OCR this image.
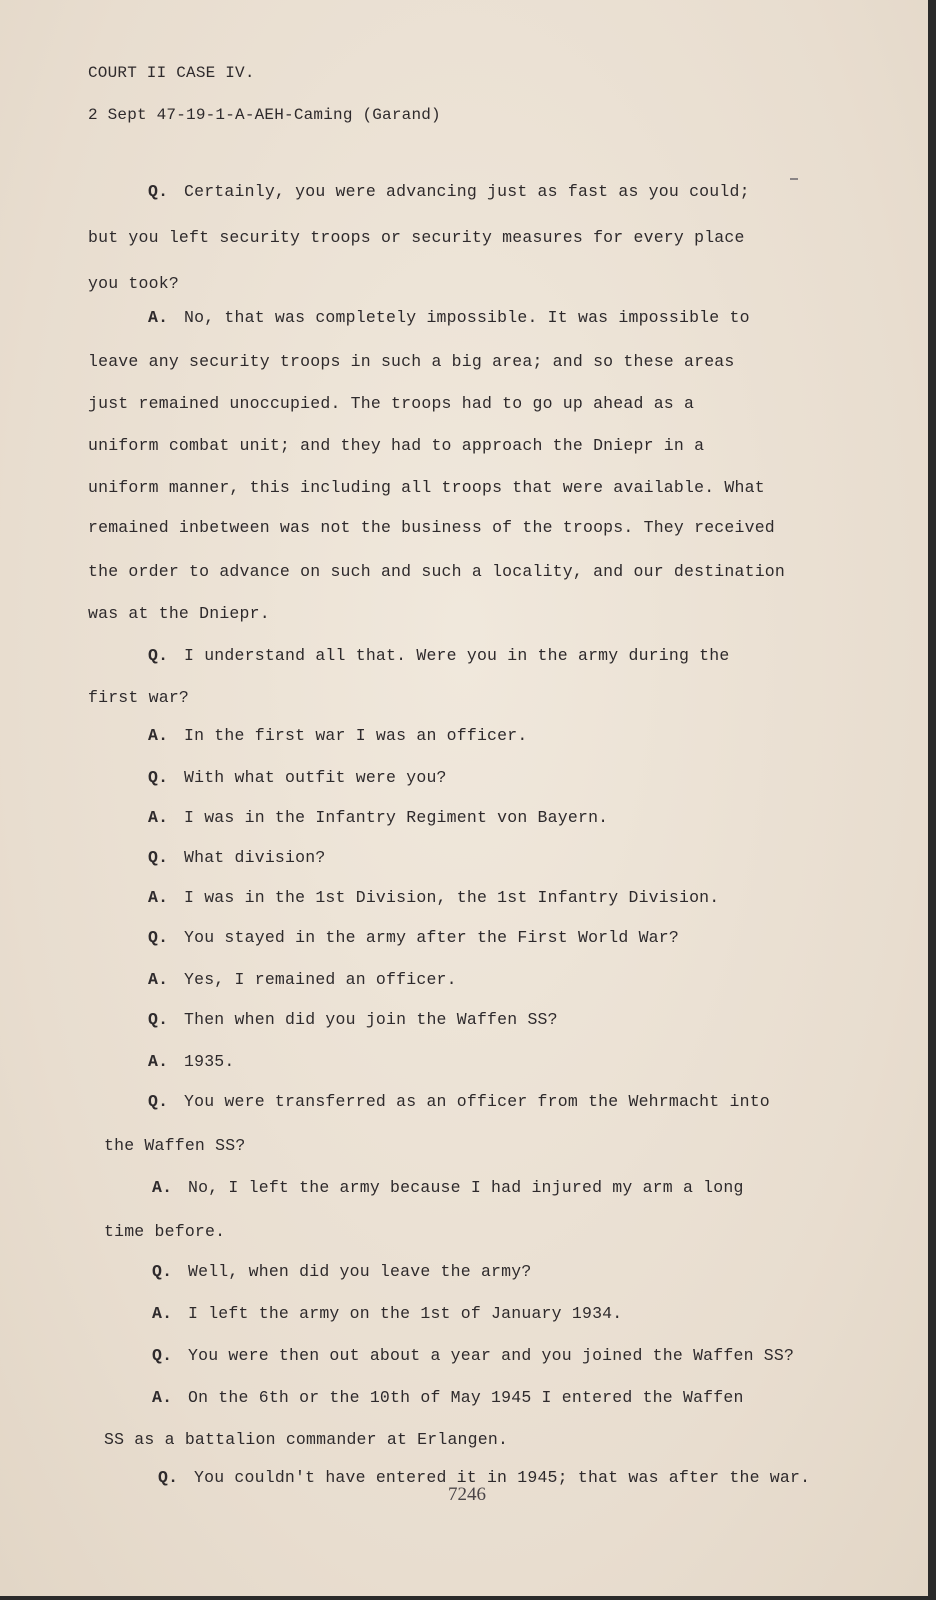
COURT II CASE IV.
2 Sept 47-19-1-A-AEH-Caming (Garand)
Q. Certainly, you were advancing just as fast as you could;
but you left security troops or security measures for every place
you took?
A. No, that was completely impossible. It was impossible to
leave any security troops in such a big area; and so these areas
just remained unoccupied. The troops had to go up ahead as a
uniform combat unit; and they had to approach the Dniepr in a
uniform manner, this including all troops that were available. What
remained inbetween was not the business of the troops. They received
the order to advance on such and such a locality, and our destination
was at the Dniepr.
Q. I understand all that. Were you in the army during the
first war?
A. In the first war I was an officer.
Q. With what outfit were you?
A. I was in the Infantry Regiment von Bayern.
Q. What division?
A. I was in the 1st Division, the 1st Infantry Division.
Q. You stayed in the army after the First World War?
A. Yes, I remained an officer.
Q. Then when did you join the Waffen SS?
A. 1935.
Q. You were transferred as an officer from the Wehrmacht into
the Waffen SS?
A. No, I left the army because I had injured my arm a long
time before.
Q. Well, when did you leave the army?
A. I left the army on the 1st of January 1934.
Q. You were then out about a year and you joined the Waffen SS?
A. On the 6th or the 10th of May 1945 I entered the Waffen
SS as a battalion commander at Erlangen.
Q. You couldn't have entered it in 1945; that was after the war.
7246
